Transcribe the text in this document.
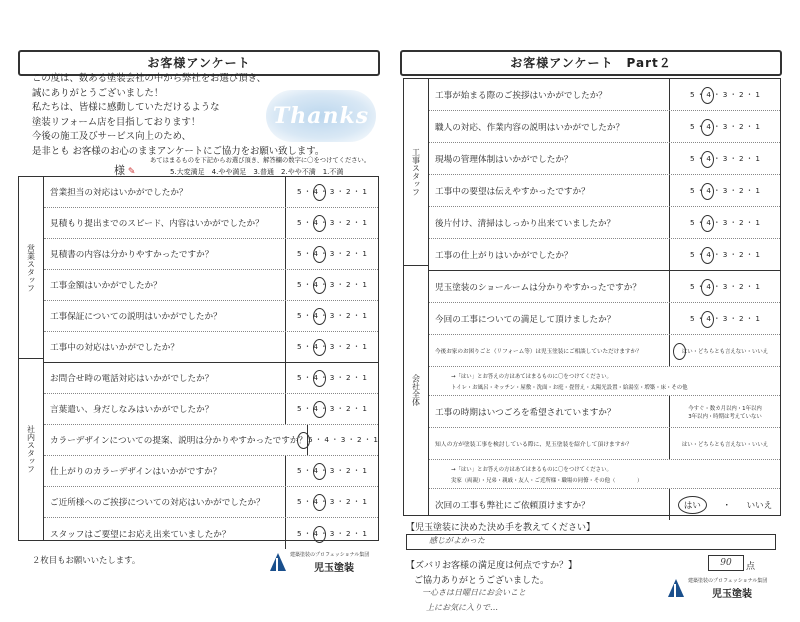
お客様アンケート
この度は、数ある塗装会社の中から弊社をお選び頂き、
誠にありがとうございました！
私たちは、皆様に感動していただけるような
塗装リフォーム店を目指しております！
今後の施工及びサービス向上のため、
是非とも お客様のお心のままアンケートにご協力をお願い致します。
Thanks
様 ✎
あてはまるものを下記からお選び頂き、解答欄の数字に〇をつけてください。
5.大変満足　4.やや満足　3.普通　2.やや不満　1.不満
営業スタッフ
社内スタッフ
営業担当の対応はいかがでしたか？	5 ・ 4 ・ 3 ・ 2 ・ 1
見積もり提出までのスピード、内容はいかがでしたか？	5 ・ 4 ・ 3 ・ 2 ・ 1
見積書の内容は分かりやすかったですか？	5 ・ 4 ・ 3 ・ 2 ・ 1
工事金額はいかがでしたか？	5 ・ 4 ・ 3 ・ 2 ・ 1
工事保証についての説明はいかがでしたか？	5 ・ 4 ・ 3 ・ 2 ・ 1
工事中の対応はいかがでしたか？	5 ・ 4 ・ 3 ・ 2 ・ 1
お問合せ時の電話対応はいかがでしたか？	5 ・ 4 ・ 3 ・ 2 ・ 1
言葉遣い、身だしなみはいかがでしたか？	5 ・ 4 ・ 3 ・ 2 ・ 1
カラーデザインについての提案、説明は分かりやすかったですか？ 5 ・ 4 ・ 3 ・ 2 ・ 1
仕上がりのカラーデザインはいかがですか？	5 ・ 4 ・ 3 ・ 2 ・ 1
ご近所様へのご挨拶についての対応はいかがでしたか？	5 ・ 4 ・ 3 ・ 2 ・ 1
スタッフはご要望にお応え出来ていましたか？	5 ・ 4 ・ 3 ・ 2 ・ 1
２枚目もお願いいたします。	建築塗装のプロフェッショナル集団
児玉塗装
お客様アンケート　Part２
工事スタッフ
会社全体
工事が始まる際のご挨拶はいかがでしたか？	5 ・ 4 ・ 3 ・ 2 ・ 1
職人の対応、作業内容の説明はいかがでしたか？	5 ・ 4 ・ 3 ・ 2 ・ 1
現場の管理体制はいかがでしたか？	5 ・ 4 ・ 3 ・ 2 ・ 1
工事中の要望は伝えやすかったですか？	5 ・ 4 ・ 3 ・ 2 ・ 1
後片付け、清掃はしっかり出来ていましたか？	5 ・ 4 ・ 3 ・ 2 ・ 1
工事の仕上がりはいかがでしたか？	5 ・ 4 ・ 3 ・ 2 ・ 1
児玉塗装のショールームは分かりやすかったですか？	5 ・ 4 ・ 3 ・ 2 ・ 1
今回の工事についての満足して頂けましたか？	5 ・ 4 ・ 3 ・ 2 ・ 1
今後お家のお困りごと（リフォーム等）は児玉塗装にご相談していただけますか？	はい・どちらとも言えない・いいえ
→「はい」とお答えの方はあてはまるものに〇をつけてください。
トイレ・お風呂・キッチン・屋敷・洗面・お庭・畳替え・太陽光設置・給湯室・増築・床・その他
工事の時期はいつごろを希望されていますか？	今すぐ・数カ月以内・1年以内
3年以内・時期は考えていない
知人の方が塗装工事を検討している際に、児玉塗装を紹介して頂けますか？	はい・どちらとも言えない・いいえ
→「はい」とお答えの方はあてはまるものに〇をつけてください。
実家（両親）・兄弟・親戚・友人・ご近所様・職場の同僚・その他（　　　　）
次回の工事も弊社にご依頼頂けますか？	はい	・ いいえ
【児玉塗装に決めた決め手を教えてください】
感じがよかった
【ズバリお客様の満足度は何点ですか？】	90	点
ご協力ありがとうございました。
一心さは日曜日にお会いこと
上にお気に入りで…
建築塗装のプロフェッショナル集団
児玉塗装
